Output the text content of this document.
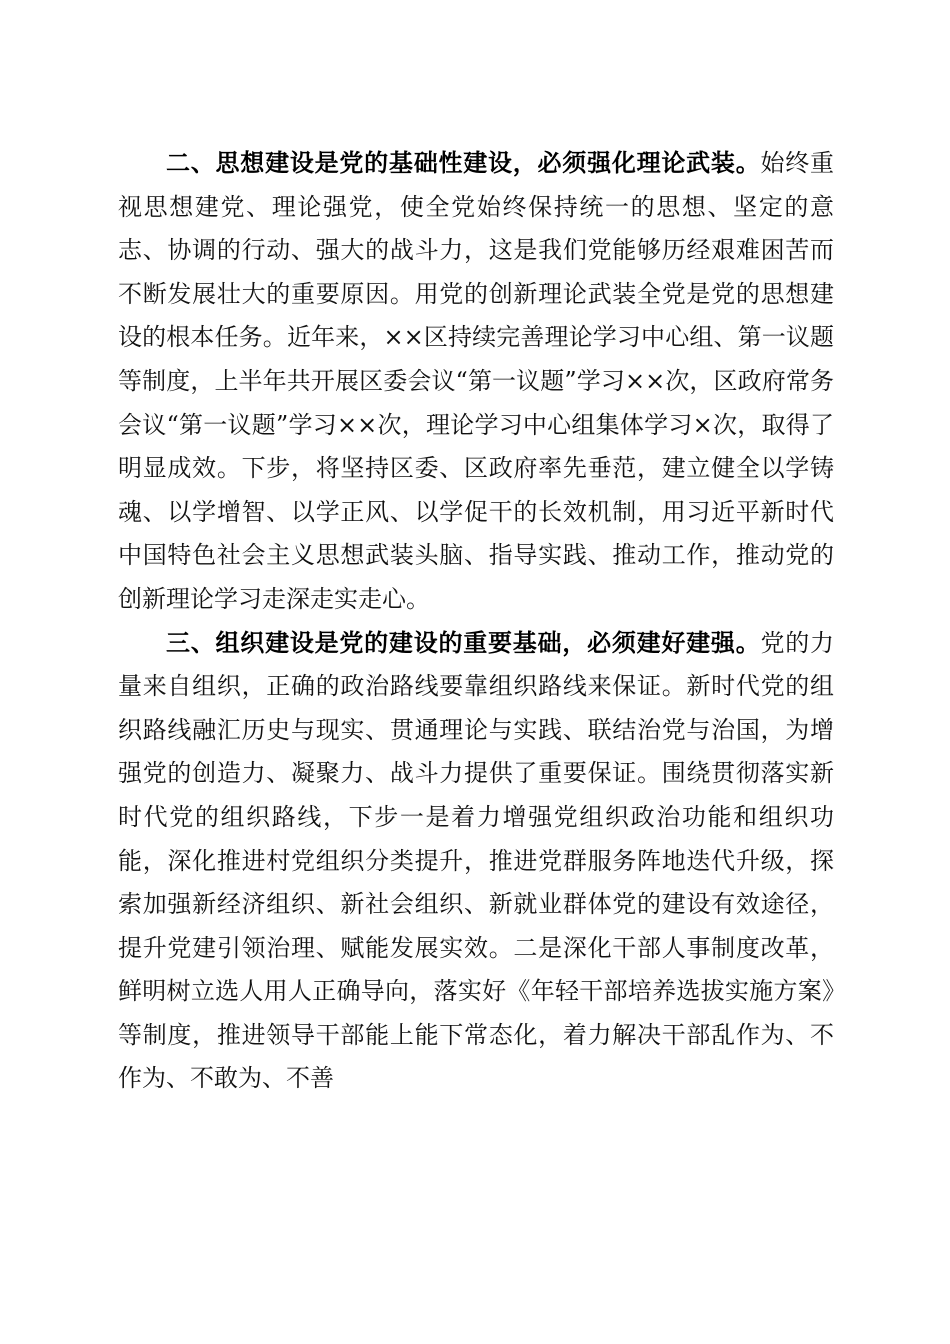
二、思想建设是党的基础性建设，必须强化理论武装。始终重视思想建党、理论强党，使全党始终保持统一的思想、坚定的意志、协调的行动、强大的战斗力，这是我们党能够历经艰难困苦而不断发展壮大的重要原因。用党的创新理论武装全党是党的思想建设的根本任务。近年来，××区持续完善理论学习中心组、第一议题等制度，上半年共开展区委会议“第一议题”学习××次，区政府常务会议“第一议题”学习××次，理论学习中心组集体学习×次，取得了明显成效。下步，将坚持区委、区政府率先垂范，建立健全以学铸魂、以学增智、以学正风、以学促干的长效机制，用习近平新时代中国特色社会主义思想武装头脑、指导实践、推动工作，推动党的创新理论学习走深走实走心。

三、组织建设是党的建设的重要基础，必须建好建强。党的力量来自组织，正确的政治路线要靠组织路线来保证。新时代党的组织路线融汇历史与现实、贯通理论与实践、联结治党与治国，为增强党的创造力、凝聚力、战斗力提供了重要保证。围绕贯彻落实新时代党的组织路线，下步一是着力增强党组织政治功能和组织功能，深化推进村党组织分类提升，推进党群服务阵地迭代升级，探索加强新经济组织、新社会组织、新就业群体党的建设有效途径，提升党建引领治理、赋能发展实效。二是深化干部人事制度改革，鲜明树立选人用人正确导向，落实好《年轻干部培养选拔实施方案》等制度，推进领导干部能上能下常态化，着力解决干部乱作为、不作为、不敢为、不善
